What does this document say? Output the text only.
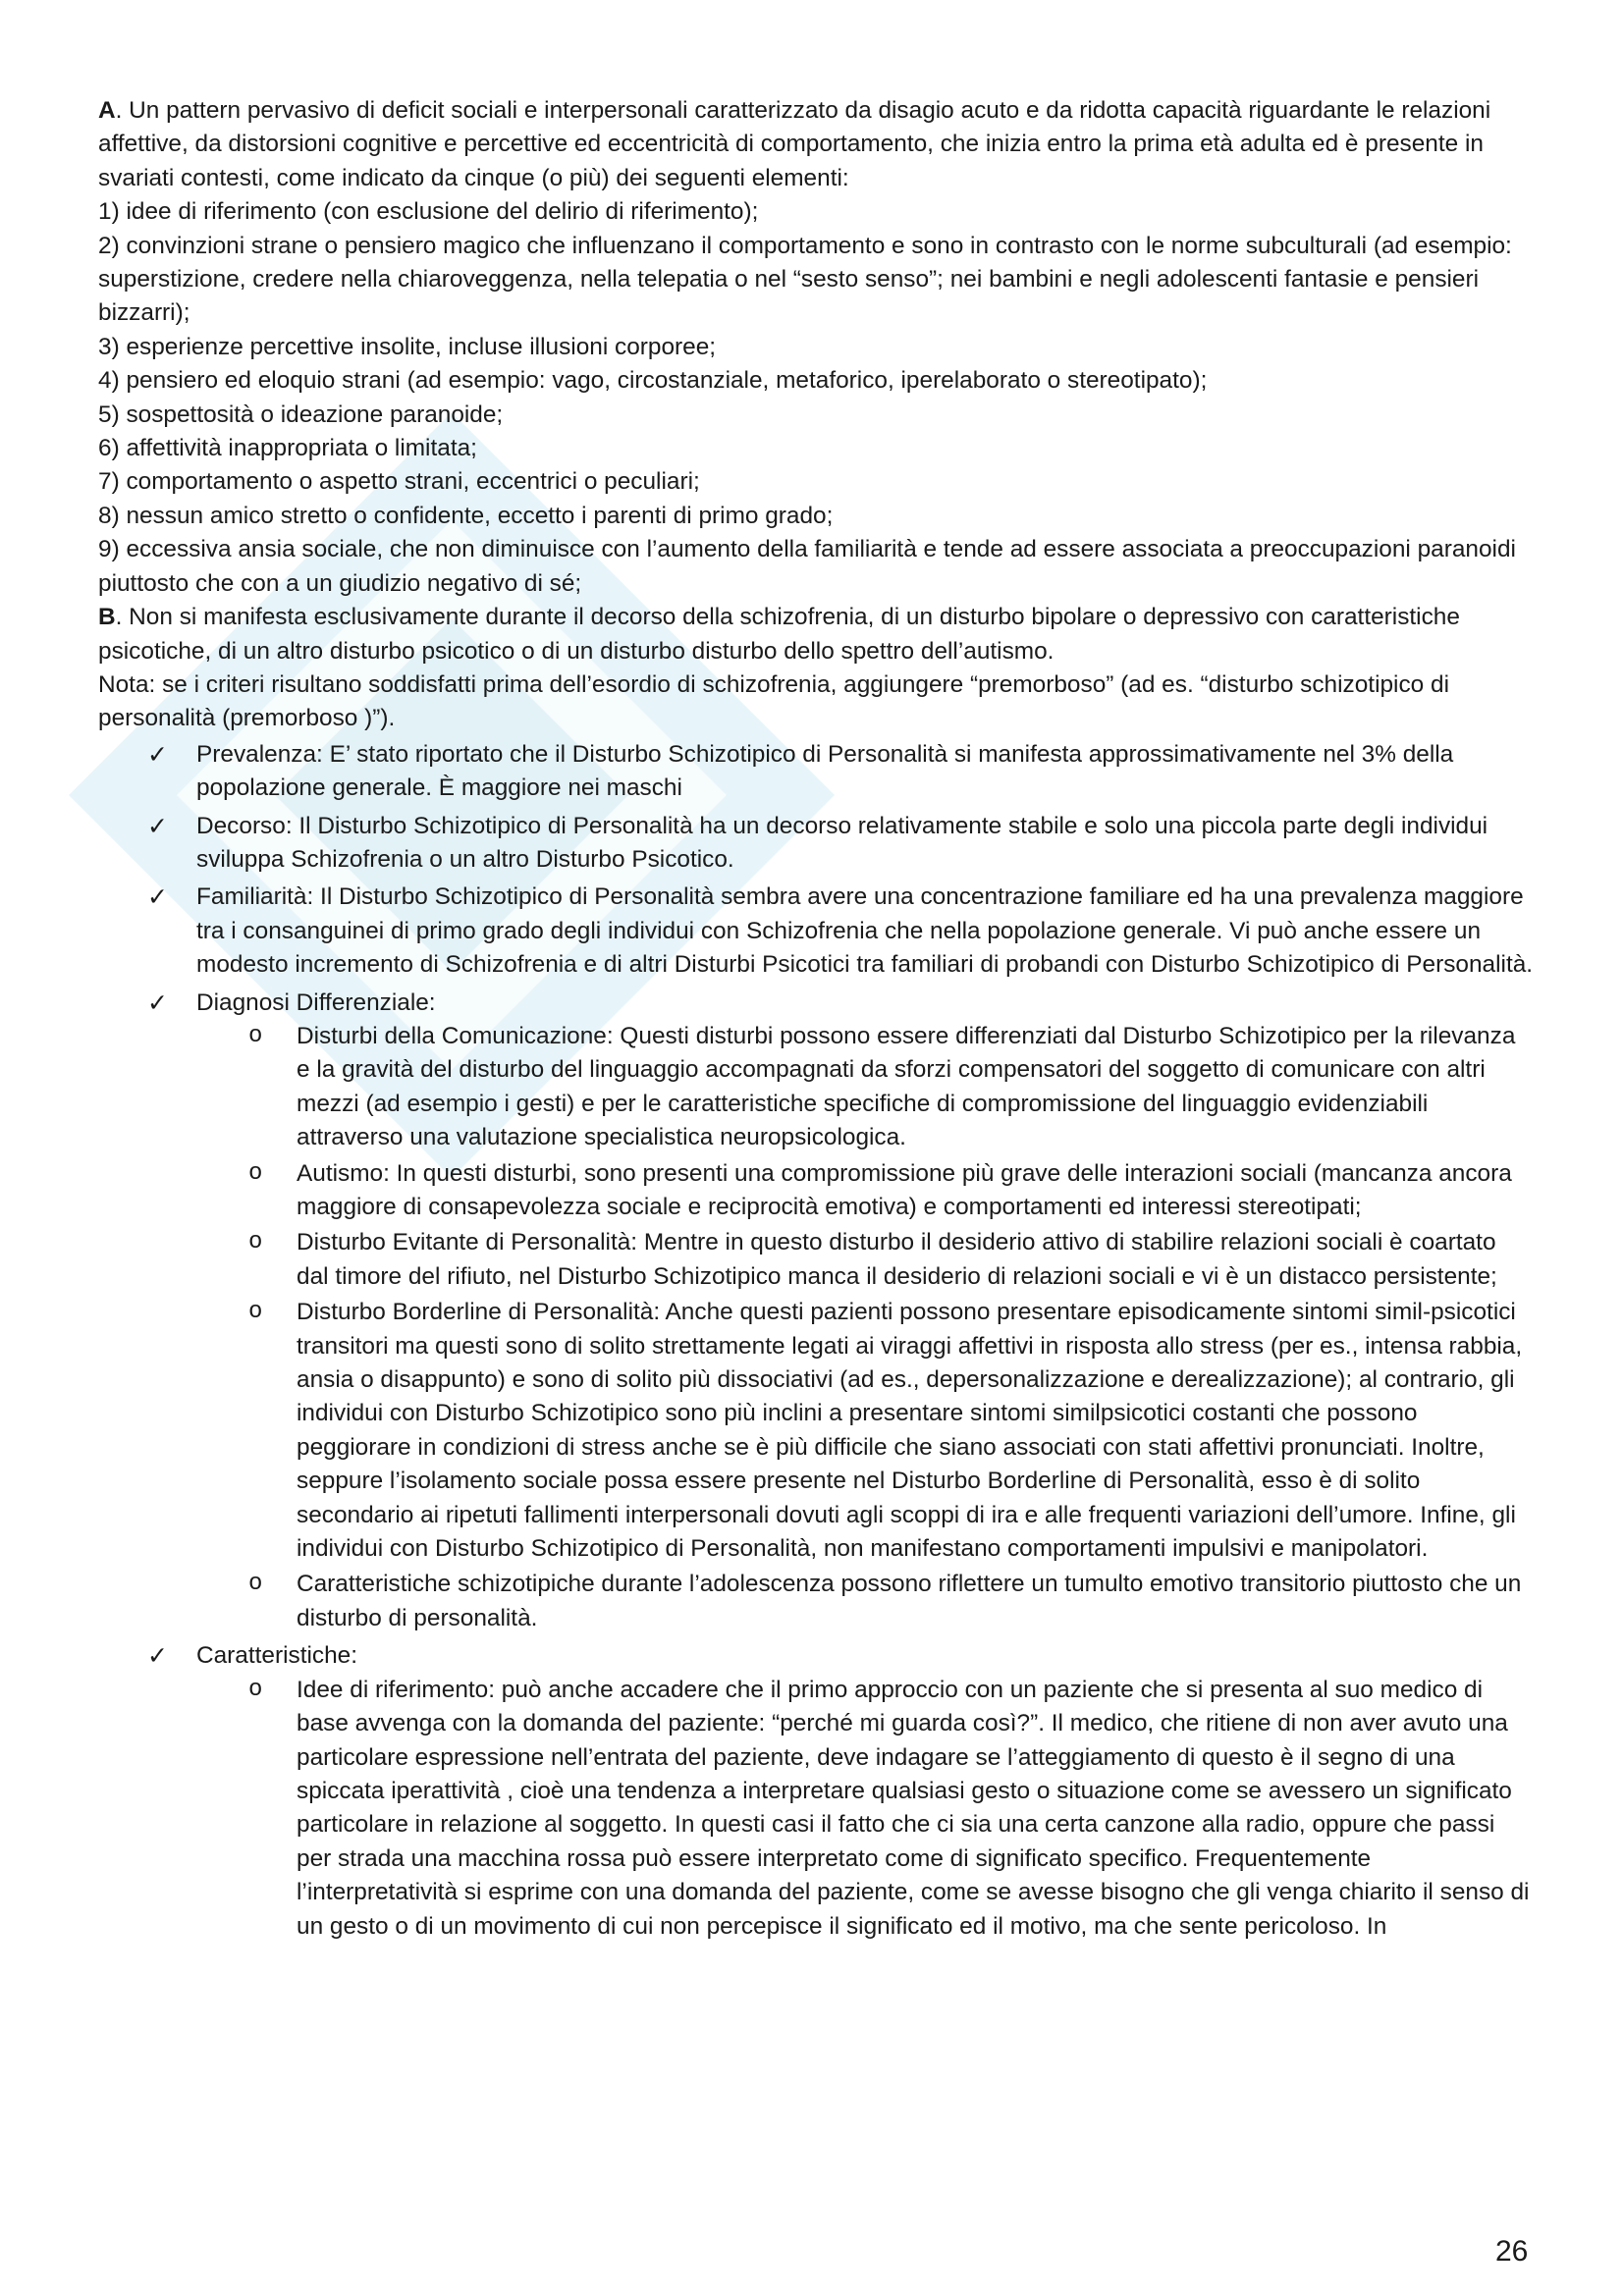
A. Un pattern pervasivo di deficit sociali e interpersonali caratterizzato da disagio acuto e da ridotta capacità riguardante le relazioni affettive, da distorsioni cognitive e percettive ed eccentricità di comportamento, che inizia entro la prima età adulta ed è presente in svariati contesti, come indicato da cinque (o più) dei seguenti elementi:

1) idee di riferimento (con esclusione del delirio di riferimento);

2) convinzioni strane o pensiero magico che influenzano il comportamento e sono in contrasto con le norme subculturali (ad esempio: superstizione, credere nella chiaroveggenza, nella telepatia o nel “sesto senso”; nei bambini e negli adolescenti fantasie e pensieri bizzarri);

3) esperienze percettive insolite, incluse illusioni corporee;

4) pensiero ed eloquio strani (ad esempio: vago, circostanziale, metaforico, iperelaborato o stereotipato);

5) sospettosità o ideazione paranoide;

6) affettività inappropriata o limitata;

7) comportamento o aspetto strani, eccentrici o peculiari;

8) nessun amico stretto o confidente, eccetto i parenti di primo grado;

9) eccessiva ansia sociale, che non diminuisce con l’aumento della familiarità e tende ad essere associata a preoccupazioni paranoidi piuttosto che con a un giudizio negativo di sé;

B. Non si manifesta esclusivamente durante il decorso della schizofrenia, di un disturbo bipolare o depressivo con caratteristiche psicotiche, di un altro disturbo psicotico o di un disturbo disturbo dello spettro dell’autismo.

Nota: se i criteri risultano soddisfatti prima dell’esordio di schizofrenia, aggiungere “premorboso” (ad es. “disturbo schizotipico di personalità (premorboso )”).

✓ Prevalenza: E’ stato riportato che il Disturbo Schizotipico di Personalità si manifesta approssimativamente nel 3% della popolazione generale. È maggiore nei maschi
✓ Decorso: Il Disturbo Schizotipico di Personalità ha un decorso relativamente stabile e solo una piccola parte degli individui sviluppa Schizofrenia o un altro Disturbo Psicotico.
✓ Familiarità: Il Disturbo Schizotipico di Personalità sembra avere una concentrazione familiare ed ha una prevalenza maggiore tra i consanguinei di primo grado degli individui con Schizofrenia che nella popolazione generale. Vi può anche essere un modesto incremento di Schizofrenia e di altri Disturbi Psicotici tra familiari di probandi con Disturbo Schizotipico di Personalità.
✓ Diagnosi Differenziale:
o Disturbi della Comunicazione: Questi disturbi possono essere differenziati dal Disturbo Schizotipico per la rilevanza e la gravità del disturbo del linguaggio accompagnati da sforzi compensatori del soggetto di comunicare con altri mezzi (ad esempio i gesti) e per le caratteristiche specifiche di compromissione del linguaggio evidenziabili attraverso una valutazione specialistica neuropsicologica.
o Autismo: In questi disturbi, sono presenti una compromissione più grave delle interazioni sociali (mancanza ancora maggiore di consapevolezza sociale e reciprocità emotiva) e comportamenti ed interessi stereotipati;
o Disturbo Evitante di Personalità: Mentre in questo disturbo il desiderio attivo di stabilire relazioni sociali è coartato dal timore del rifiuto, nel Disturbo Schizotipico manca il desiderio di relazioni sociali e vi è un distacco persistente;
o Disturbo Borderline di Personalità: Anche questi pazienti possono presentare episodicamente sintomi simil-psicotici transitori ma questi sono di solito strettamente legati ai viraggi affettivi in risposta allo stress (per es., intensa rabbia, ansia o disappunto) e sono di solito più dissociativi (ad es., depersonalizzazione e derealizzazione); al contrario, gli individui con Disturbo Schizotipico sono più inclini a presentare sintomi similpsicotici costanti che possono peggiorare in condizioni di stress anche se è più difficile che siano associati con stati affettivi pronunciati. Inoltre, seppure l’isolamento sociale possa essere presente nel Disturbo Borderline di Personalità, esso è di solito secondario ai ripetuti fallimenti interpersonali dovuti agli scoppi di ira e alle frequenti variazioni dell’umore. Infine, gli individui con Disturbo Schizotipico di Personalità, non manifestano comportamenti impulsivi e manipolatori.
o Caratteristiche schizotipiche durante l’adolescenza possono riflettere un tumulto emotivo transitorio piuttosto che un disturbo di personalità.
✓ Caratteristiche:
o Idee di riferimento: può anche accadere che il primo approccio con un paziente che si presenta al suo medico di base avvenga con la domanda del paziente: “perché mi guarda così?”. Il medico, che ritiene di non aver avuto una particolare espressione nell’entrata del paziente, deve indagare se l’atteggiamento di questo è il segno di una spiccata iperattività , cioè una tendenza a interpretare qualsiasi gesto o situazione come se avessero un significato particolare in relazione al soggetto. In questi casi il fatto che ci sia una certa canzone alla radio, oppure che passi per strada una macchina rossa può essere interpretato come di significato specifico. Frequentemente l’interpretatività si esprime con una domanda del paziente, come se avesse bisogno che gli venga chiarito il senso di un gesto o di un movimento di cui non percepisce il significato ed il motivo, ma che sente pericoloso. In
26
